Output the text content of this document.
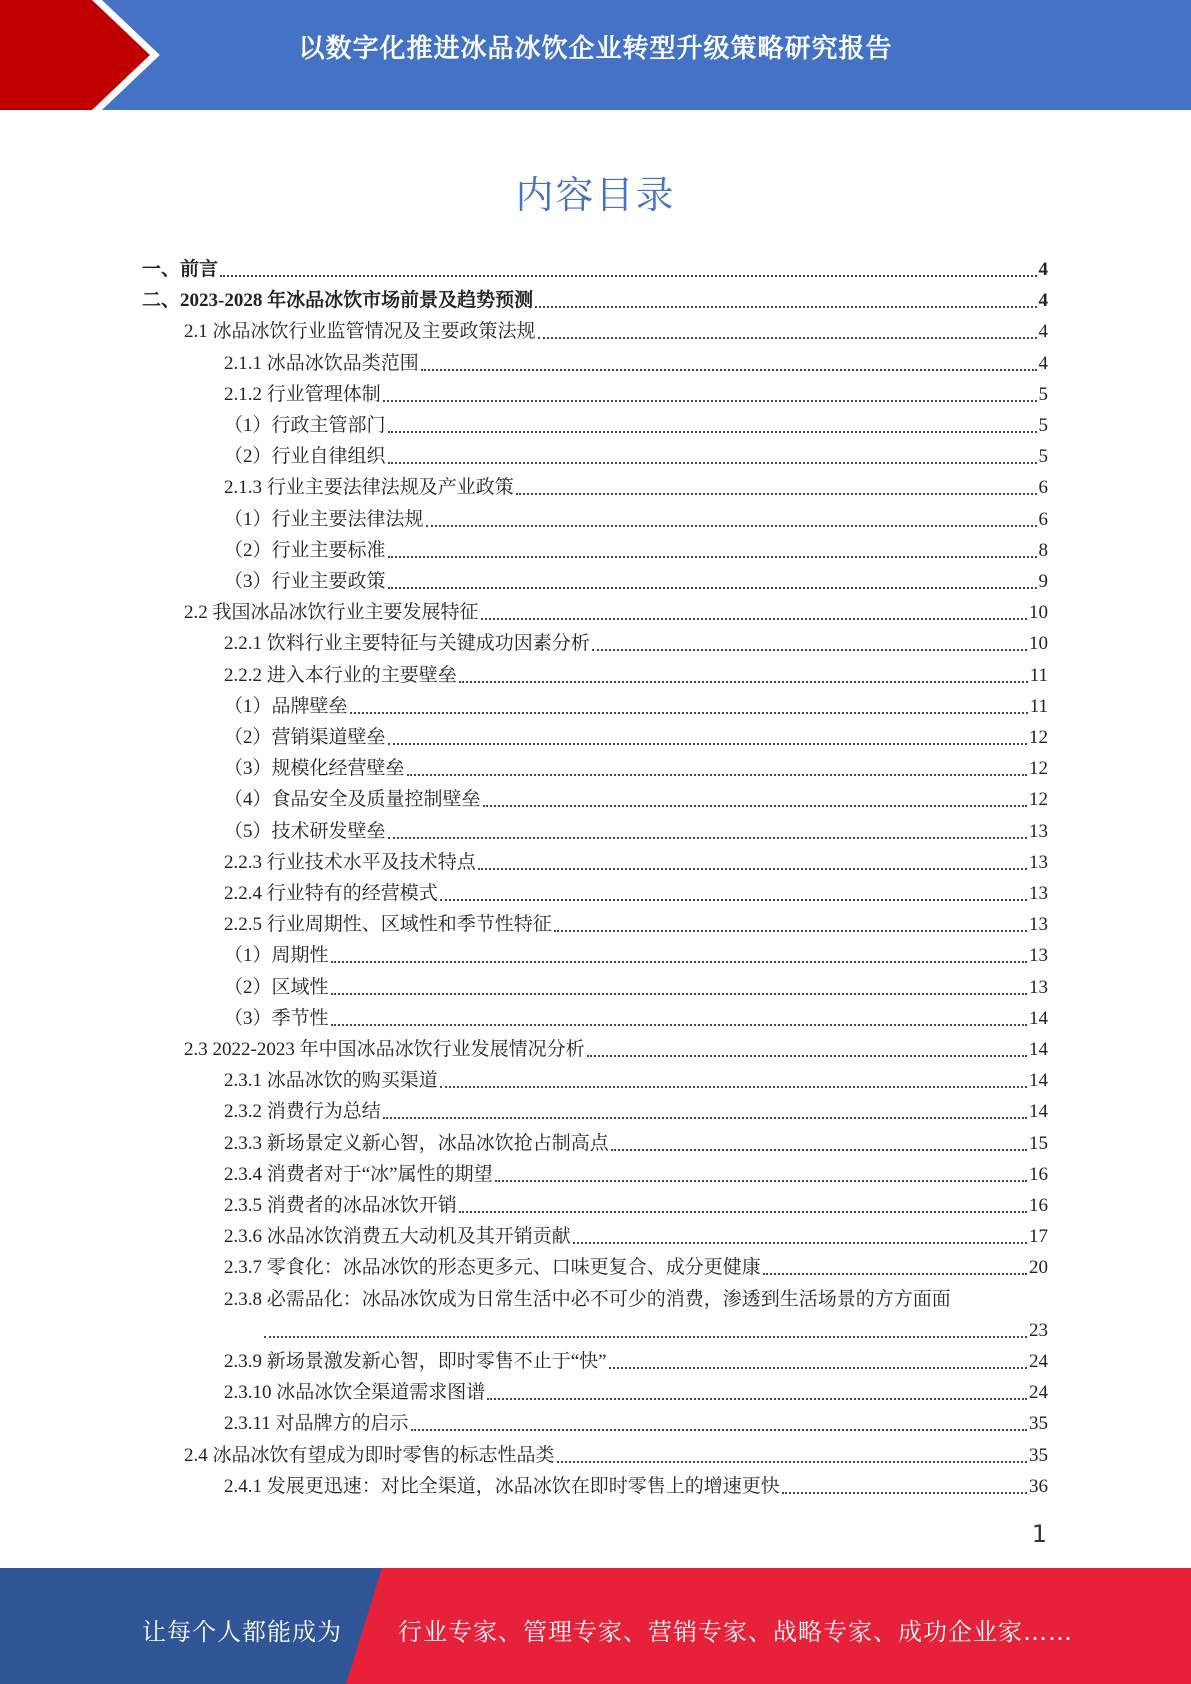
以数字化推进冰品冰饮企业转型升级策略研究报告
内容目录
一、前言	4
二、2023-2028 年冰品冰饮市场前景及趋势预测	4
2.1 冰品冰饮行业监管情况及主要政策法规	4
2.1.1 冰品冰饮品类范围	4
2.1.2 行业管理体制	5
（1）行政主管部门	5
（2）行业自律组织	5
2.1.3 行业主要法律法规及产业政策	6
（1）行业主要法律法规	6
（2）行业主要标准	8
（3）行业主要政策	9
2.2 我国冰品冰饮行业主要发展特征	10
2.2.1 饮料行业主要特征与关键成功因素分析	10
2.2.2 进入本行业的主要壁垒	11
（1）品牌壁垒	11
（2）营销渠道壁垒	12
（3）规模化经营壁垒	12
（4）食品安全及质量控制壁垒	12
（5）技术研发壁垒	13
2.2.3 行业技术水平及技术特点	13
2.2.4 行业特有的经营模式	13
2.2.5 行业周期性、区域性和季节性特征	13
（1）周期性	13
（2）区域性	13
（3）季节性	14
2.3 2022-2023 年中国冰品冰饮行业发展情况分析	14
2.3.1 冰品冰饮的购买渠道	14
2.3.2 消费行为总结	14
2.3.3 新场景定义新心智，冰品冰饮抢占制高点	15
2.3.4 消费者对于“冰”属性的期望	16
2.3.5 消费者的冰品冰饮开销	16
2.3.6 冰品冰饮消费五大动机及其开销贡献	17
2.3.7 零食化：冰品冰饮的形态更多元、口味更复合、成分更健康	20
2.3.8 必需品化：冰品冰饮成为日常生活中必不可少的消费，渗透到生活场景的方方面面
23
2.3.9 新场景激发新心智，即时零售不止于“快”	24
2.3.10 冰品冰饮全渠道需求图谱	24
2.3.11 对品牌方的启示	35
2.4 冰品冰饮有望成为即时零售的标志性品类	35
2.4.1 发展更迅速：对比全渠道，冰品冰饮在即时零售上的增速更快	36
1
让每个人都能成为 行业专家、管理专家、营销专家、战略专家、成功企业家……
